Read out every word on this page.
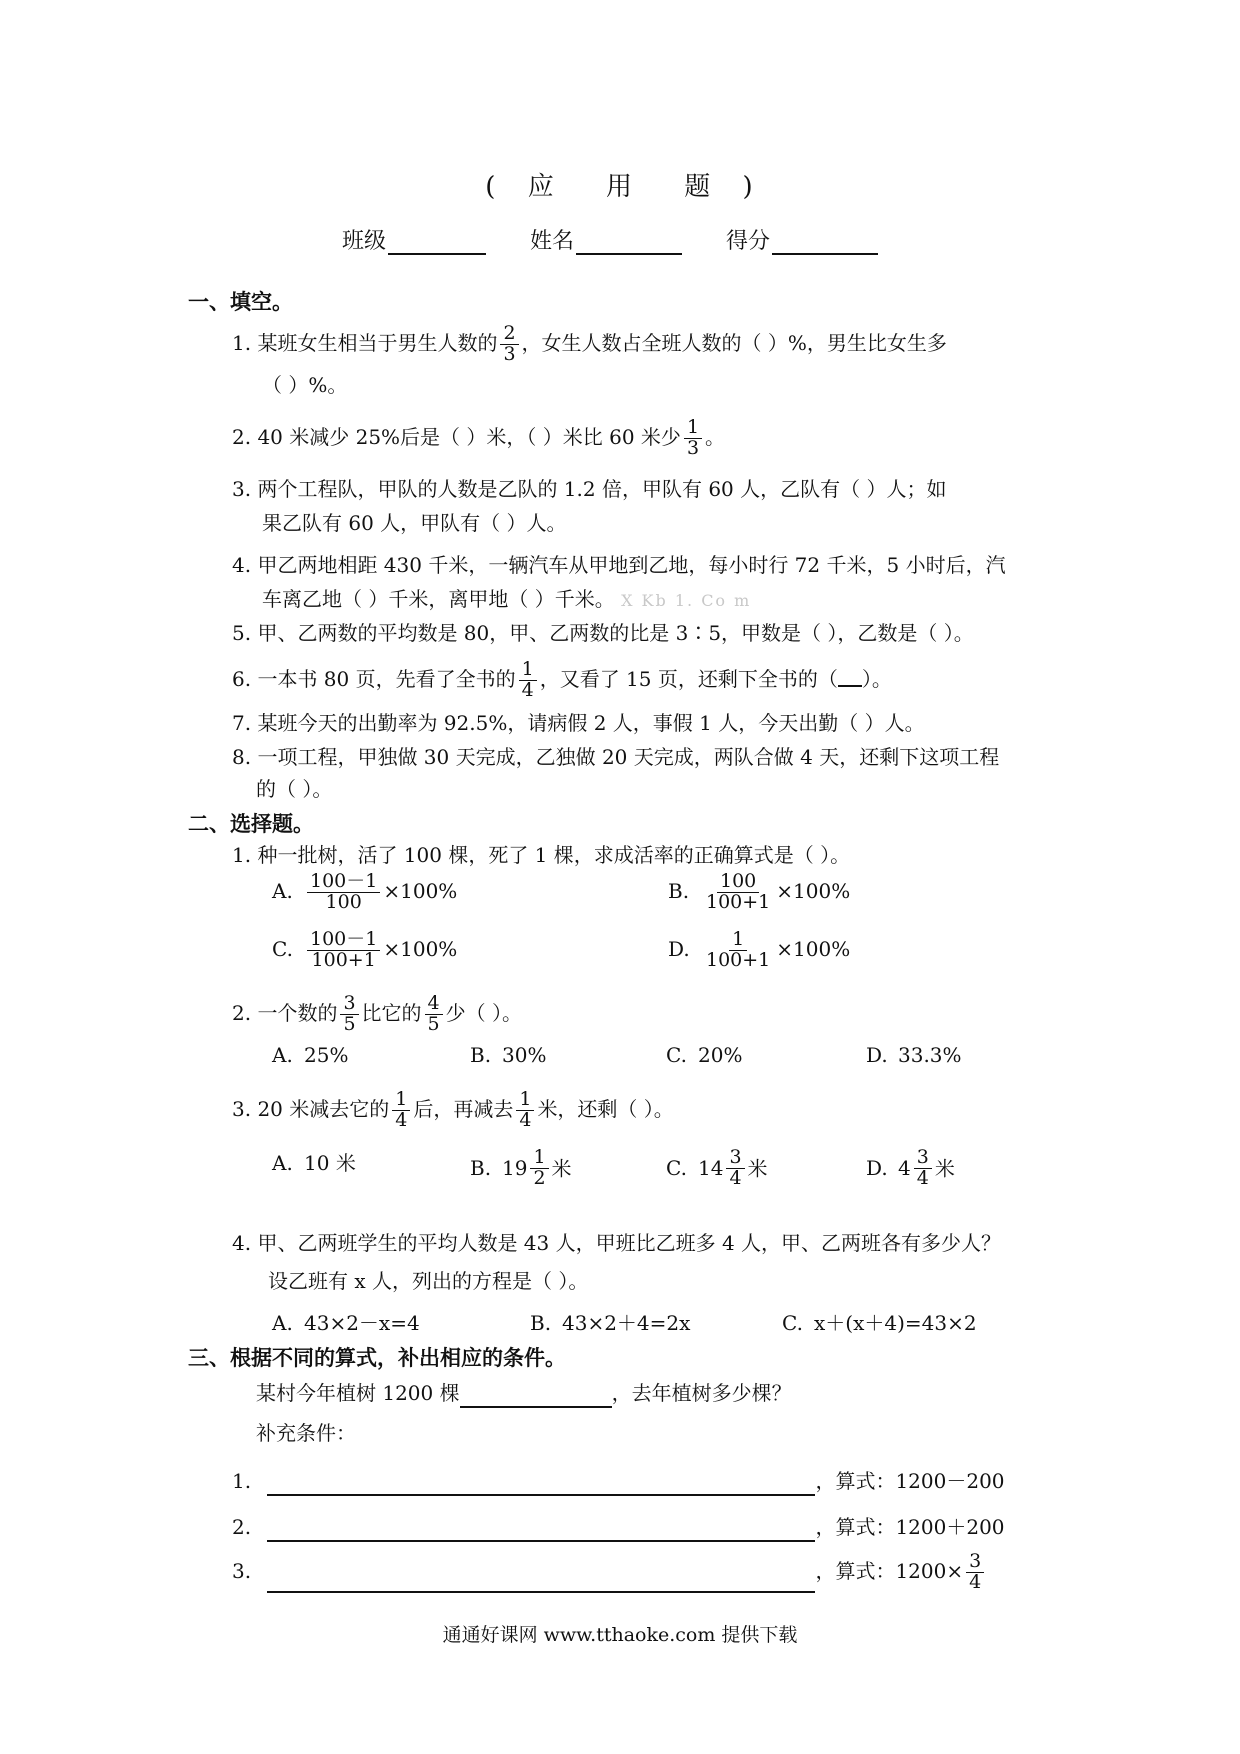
( 应 用 题 )
班级	姓名	得分
一、填空。
1. 某班女生相当于男生人数的 $\frac{2}{3}$ ，女生人数占全班人数的（ ）%，男生比女生多
（ ）%。
2. 40 米减少 25%后是（ ）米，（ ）米比 60 米少 $\frac{1}{3}$ 。
3. 两个工程队，甲队的人数是乙队的 1.2 倍，甲队有 60 人，乙队有（ ）人；如
果乙队有 60 人，甲队有（ ）人。
4. 甲乙两地相距 430 千米，一辆汽车从甲地到乙地，每小时行 72 千米，5 小时后，汽
车离乙地（ ）千米，离甲地（ ）千米。 X Kb 1. Co m
5. 甲、乙两数的平均数是 80，甲、乙两数的比是 3∶5，甲数是（ ），乙数是（ ）。
6. 一本书 80 页，先看了全书的 $\frac{1}{4}$ ，又看了 15 页，还剩下全书的（ ）。
7. 某班今天的出勤率为 92.5%，请病假 2 人，事假 1 人，今天出勤（ ）人。
8. 一项工程，甲独做 30 天完成，乙独做 20 天完成，两队合做 4 天，还剩下这项工程
的（ ）。
二、选择题。
1. 种一批树，活了 100 棵，死了 1 棵，求成活率的正确算式是（ ）。
A. $\frac{100-1}{100} \times 100\%$	B. $\frac{100}{100+1} \times 100\%$
C. $\frac{100-1}{100+1} \times 100\%$	D. $\frac{1}{100+1} \times 100\%$
2. 一个数的 $\frac{3}{5}$ 比它的 $\frac{4}{5}$ 少（ ）。
A. 25%	B. 30%	C. 20%	D. 33.3%
3. 20 米减去它的 $\frac{1}{4}$ 后，再减去 $\frac{1}{4}$ 米，还剩（ ）。
A. 10 米	B. $19 \frac{1}{2}$ 米	C. $14 \frac{3}{4}$ 米	D. $4 \frac{3}{4}$ 米
4. 甲、乙两班学生的平均人数是 43 人，甲班比乙班多 4 人，甲、乙两班各有多少人？
设乙班有 x 人，列出的方程是（ ）。
A. 43×2－x=4	B. 43×2＋4=2x	C. x＋(x＋4)=43×2
三、根据不同的算式，补出相应的条件。
某村今年植树 1200 棵	，去年植树多少棵？
补充条件：
1.	，算式：1200－200
2.	，算式：1200＋200
3.	，算式：$1200\times \frac{3}{4}$
通通好课网 www.tthaoke.com 提供下载
